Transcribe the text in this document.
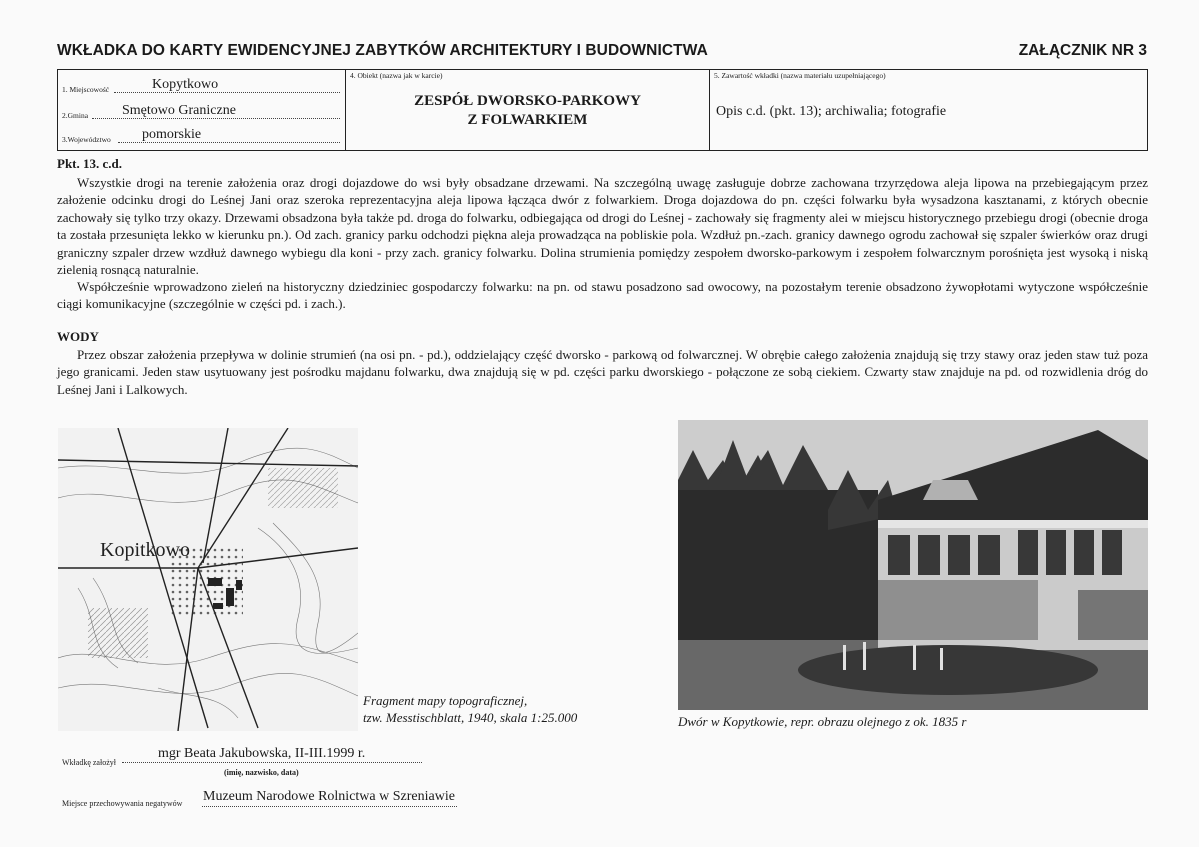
WKŁADKA DO KARTY EWIDENCYJNEJ ZABYTKÓW ARCHITEKTURY I BUDOWNICTWA	ZAŁĄCZNIK NR 3
1. Miejscowość	Kopytkowo
2.Gmina Smętowo Graniczne
3.Województwo pomorskie
4. Obiekt (nazwa jak w karcie)
ZESPÓŁ DWORSKO-PARKOWY
Z FOLWARKIEM
5. Zawartość wkładki (nazwa materiału uzupełniającego)
Opis c.d. (pkt. 13); archiwalia; fotografie
Pkt. 13. c.d.

Wszystkie drogi na terenie założenia oraz drogi dojazdowe do wsi były obsadzane drzewami. Na szczególną uwagę zasługuje dobrze zachowana trzyrzędowa aleja lipowa na przebiegającym przez założenie odcinku drogi do Leśnej Jani oraz szeroka reprezentacyjna aleja lipowa łącząca dwór z folwarkiem. Droga dojazdowa do pn. części folwarku była wysadzona kasztanami, z których obecnie zachowały się tylko trzy okazy. Drzewami obsadzona była także pd. droga do folwarku, odbiegająca od drogi do Leśnej - zachowały się fragmenty alei w miejscu historycznego przebiegu drogi (obecnie droga ta została przesunięta lekko w kierunku pn.). Od zach. granicy parku odchodzi piękna aleja prowadząca na pobliskie pola. Wzdłuż pn.-zach. granicy dawnego ogrodu zachował się szpaler świerków oraz drugi graniczny szpaler drzew wzdłuż dawnego wybiegu dla koni - przy zach. granicy folwarku. Dolina strumienia pomiędzy zespołem dworsko-parkowym i zespołem folwarcznym porośnięta jest wysoką i niską zielenią rosnącą naturalnie.

Współcześnie wprowadzono zieleń na historyczny dziedziniec gospodarczy folwarku: na pn. od stawu posadzono sad owocowy, na pozostałym terenie obsadzono żywopłotami wytyczone współcześnie ciągi komunikacyjne (szczególnie w części pd. i zach.).

WODY

Przez obszar założenia przepływa w dolinie strumień (na osi pn. - pd.), oddzielający część dworsko - parkową od folwarcznej. W obrębie całego założenia znajdują się trzy stawy oraz jeden staw tuż poza jego granicami. Jeden staw usytuowany jest pośrodku majdanu folwarku, dwa znajdują się w pd. części parku dworskiego - połączone ze sobą ciekiem. Czwarty staw znajduje na pd. od rozwidlenia dróg do Leśnej Jani i Lalkowych.

Kopitkowo
Fragment mapy topograficznej,
tzw. Messtischblatt, 1940, skala 1:25.000	Dwór w Kopytkowie, repr. obrazu olejnego z ok. 1835 r
Wkładkę założył
mgr Beata Jakubowska, II-III.1999 r.
(imię, nazwisko, data)
Miejsce przechowywania negatywów Muzeum Narodowe Rolnictwa w Szreniawie
